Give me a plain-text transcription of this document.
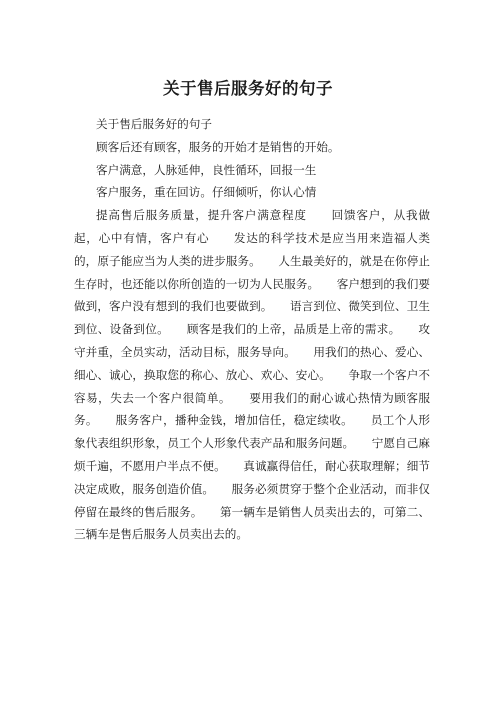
关于售后服务好的句子

关于售后服务好的句子

顾客后还有顾客，服务的开始才是销售的开始。

客户满意，人脉延伸，良性循环，回报一生

客户服务，重在回访。仔细倾听，你认心情

提高售后服务质量，提升客户满意程度　　回馈客户，从我做起，心中有情，客户有心　　发达的科学技术是应当用来造福人类的，原子能应当为人类的进步服务。　　人生最美好的，就是在你停止生存时，也还能以你所创造的一切为人民服务。　　客户想到的我们要做到，客户没有想到的我们也要做到。　　语言到位、微笑到位、卫生到位、设备到位。　　顾客是我们的上帝，品质是上帝的需求。　　攻守并重，全员实动，活动目标，服务导向。　　用我们的热心、爱心、细心、诚心，换取您的称心、放心、欢心、安心。　　争取一个客户不容易，失去一个客户很简单。　　要用我们的耐心诚心热情为顾客服务。　　服务客户，播种金钱，增加信任，稳定续收。　　员工个人形象代表组织形象，员工个人形象代表产品和服务问题。　　宁愿自己麻烦千遍，不愿用户半点不便。　　真诚赢得信任，耐心获取理解；细节决定成败，服务创造价值。　　服务必须贯穿于整个企业活动，而非仅停留在最终的售后服务。　　第一辆车是销售人员卖出去的，可第二、三辆车是售后服务人员卖出去的。
